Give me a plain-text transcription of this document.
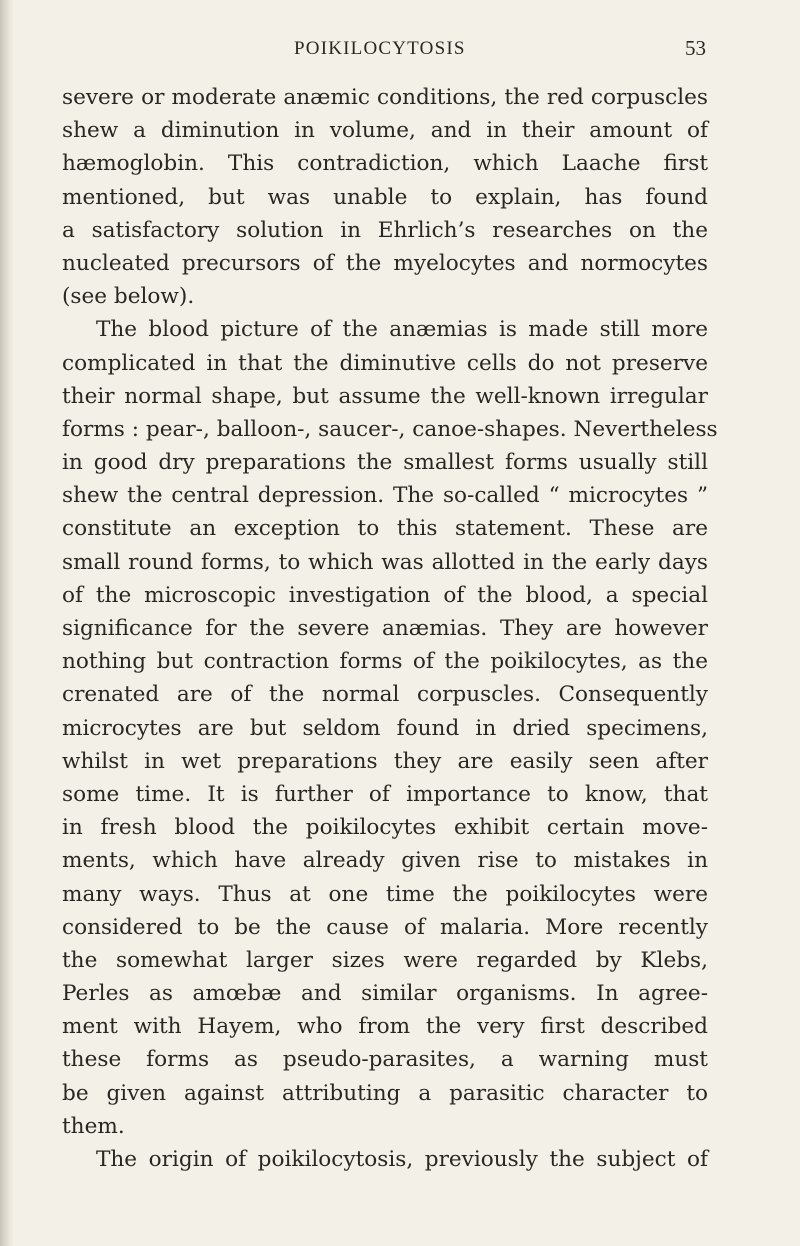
POIKILOCYTOSIS	53
severe or moderate anæmic conditions, the red corpuscles
shew a diminution in volume, and in their amount of
hæmoglobin. This contradiction, which Laache first
mentioned, but was unable to explain, has found
a satisfactory solution in Ehrlich’s researches on the
nucleated precursors of the myelocytes and normocytes
(see below).
The blood picture of the anæmias is made still more
complicated in that the diminutive cells do not preserve
their normal shape, but assume the well-known irregular
forms : pear-, balloon-, saucer-, canoe-shapes. Nevertheless
in good dry preparations the smallest forms usually still
shew the central depression. The so-called “ microcytes ”
constitute an exception to this statement. These are
small round forms, to which was allotted in the early days
of the microscopic investigation of the blood, a special
significance for the severe anæmias. They are however
nothing but contraction forms of the poikilocytes, as the
crenated are of the normal corpuscles. Consequently
microcytes are but seldom found in dried specimens,
whilst in wet preparations they are easily seen after
some time. It is further of importance to know, that
in fresh blood the poikilocytes exhibit certain move-
ments, which have already given rise to mistakes in
many ways. Thus at one time the poikilocytes were
considered to be the cause of malaria. More recently
the somewhat larger sizes were regarded by Klebs,
Perles as amœbæ and similar organisms. In agree-
ment with Hayem, who from the very first described
these forms as pseudo-parasites, a warning must
be given against attributing a parasitic character to
them.
The origin of poikilocytosis, previously the subject of
